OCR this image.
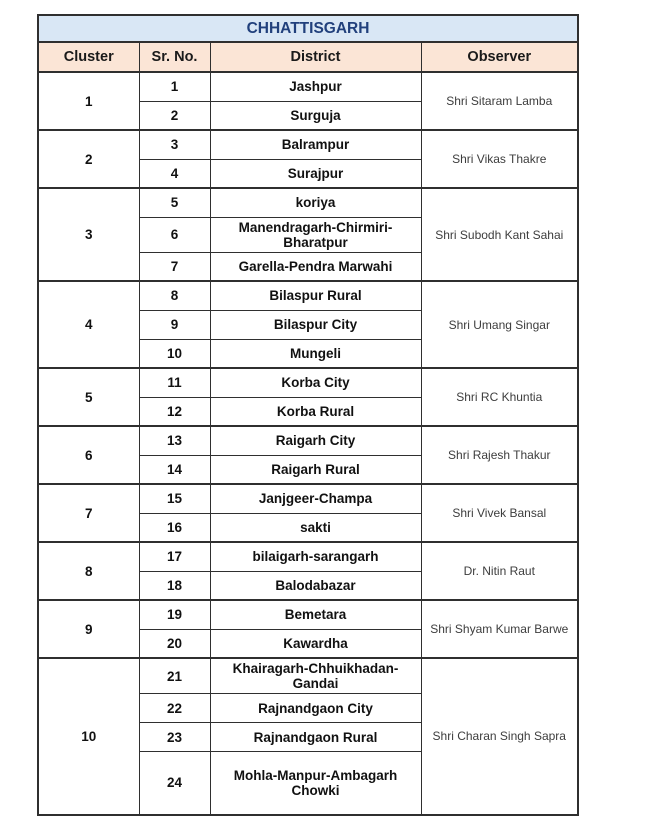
CHHATTISGARH			
Cluster	Sr. No.	District	Observer
1	1	Jashpur	Shri Sitaram Lamba
	2	Surguja	
2	3	Balrampur	Shri Vikas Thakre
	4	Surajpur	
3	5	koriya	Shri Subodh Kant Sahai
	6	Manendragarh-Chirmiri-Bharatpur	
	7	Garella-Pendra Marwahi	
4	8	Bilaspur Rural	Shri Umang Singar
	9	Bilaspur City	
	10	Mungeli	
5	11	Korba City	Shri RC Khuntia
	12	Korba Rural	
6	13	Raigarh City	Shri Rajesh Thakur
	14	Raigarh Rural	
7	15	Janjgeer-Champa	Shri Vivek Bansal
	16	sakti	
8	17	bilaigarh-sarangarh	Dr. Nitin Raut
	18	Balodabazar	
9	19	Bemetara	Shri Shyam Kumar Barwe
	20	Kawardha	
10	21	Khairagarh-Chhuikhadan-Gandai	Shri Charan Singh Sapra
	22	Rajnandgaon City	
	23	Rajnandgaon Rural	
	24	Mohla-Manpur-Ambagarh Chowki	
